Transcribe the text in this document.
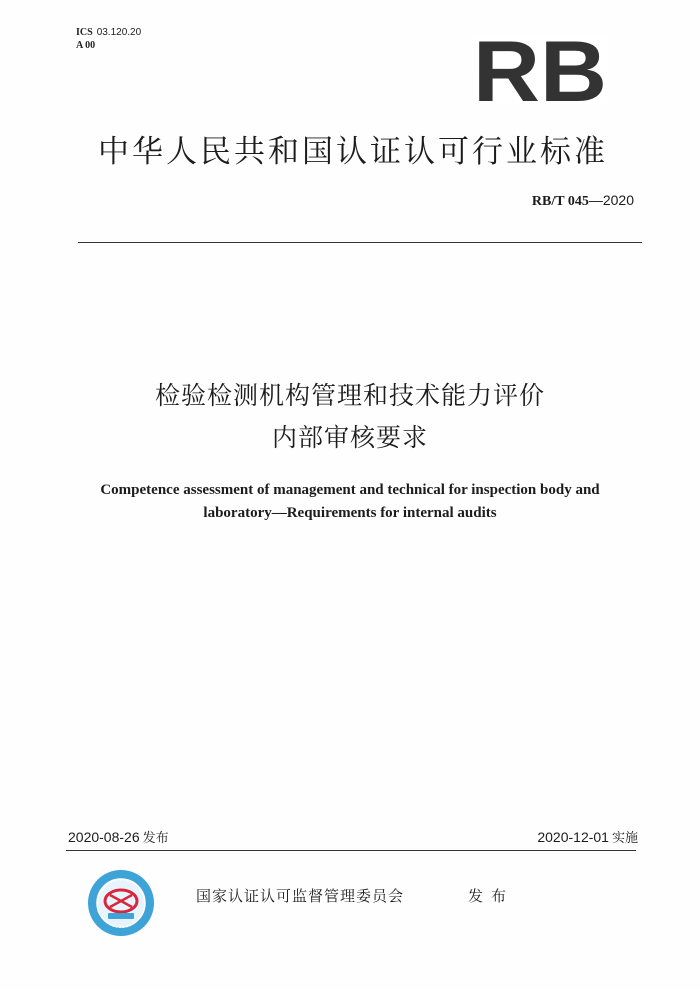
ICS 03.120.20
A 00	RB
中华人民共和国认证认可行业标准
RB/T 045—2020
检验检测机构管理和技术能力评价
内部审核要求
Competence assessment of management and technical for inspection body and
laboratory—Requirements for internal audits
2020-08-26 发布	2020-12-01 实施
国家认证认可监督管理委员会	发布
